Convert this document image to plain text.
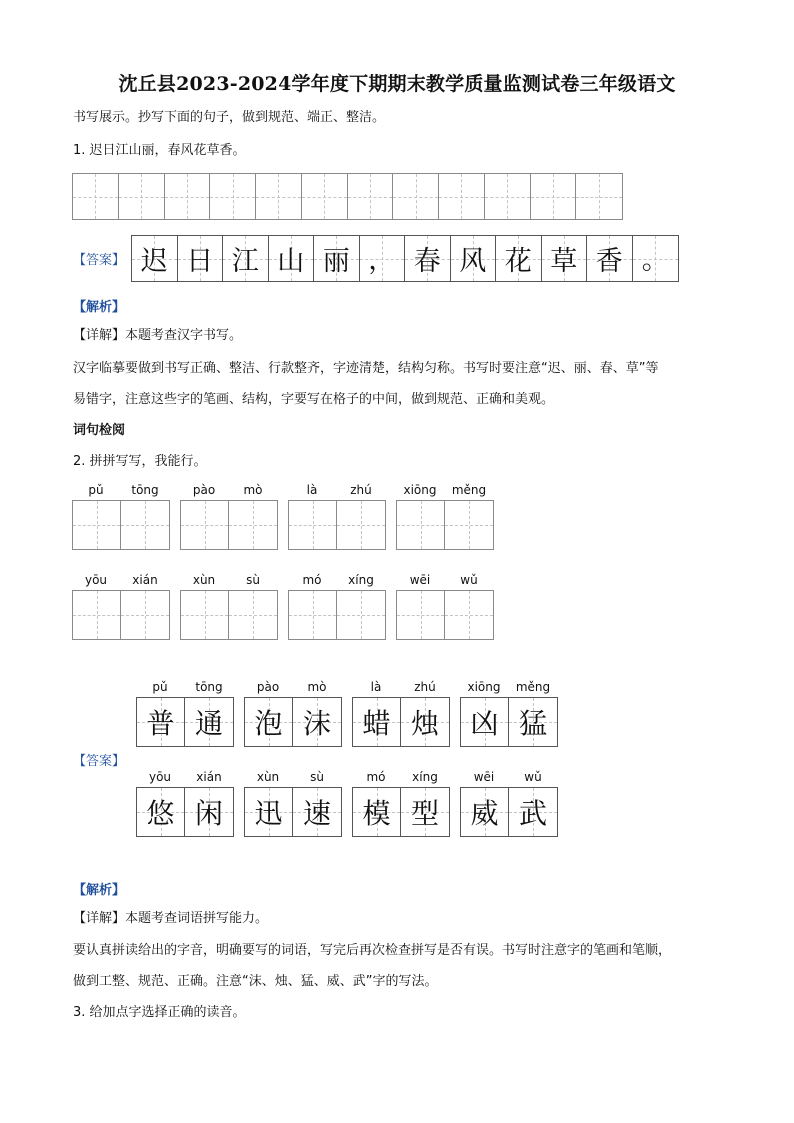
沈丘县2023-2024学年度下期期末教学质量监测试卷三年级语文
书写展示。抄写下面的句子，做到规范、端正、整洁。
1. 迟日江山丽，春风花草香。
【答案】 迟 日 江 山 丽 ， 春 风 花 草 香 。
【解析】
【详解】本题考查汉字书写。
汉字临摹要做到书写正确、整洁、行款整齐，字迹清楚，结构匀称。书写时要注意“迟、丽、春、草”等
易错字，注意这些字的笔画、结构，字要写在格子的中间，做到规范、正确和美观。
词句检阅
2. 拼拼写写，我能行。
pǔ	tōng	pào	mò	là	zhú	xiōng	měng
yōu	xián	xùn	sù	mó	xíng	wēi	wǔ
pǔ	tōng
普 通
pào	mò
泡 沫
là	zhú
蜡 烛
xiōng	měng
凶 猛
yōu	xián
悠 闲
xùn	sù
迅 速
mó	xíng
模 型
wēi	wǔ
威 武
【答案】
【解析】
【详解】本题考查词语拼写能力。
要认真拼读给出的字音，明确要写的词语，写完后再次检查拼写是否有误。书写时注意字的笔画和笔顺，
做到工整、规范、正确。注意“沫、烛、猛、威、武”字的写法。
3. 给加点字选择正确的读音。
